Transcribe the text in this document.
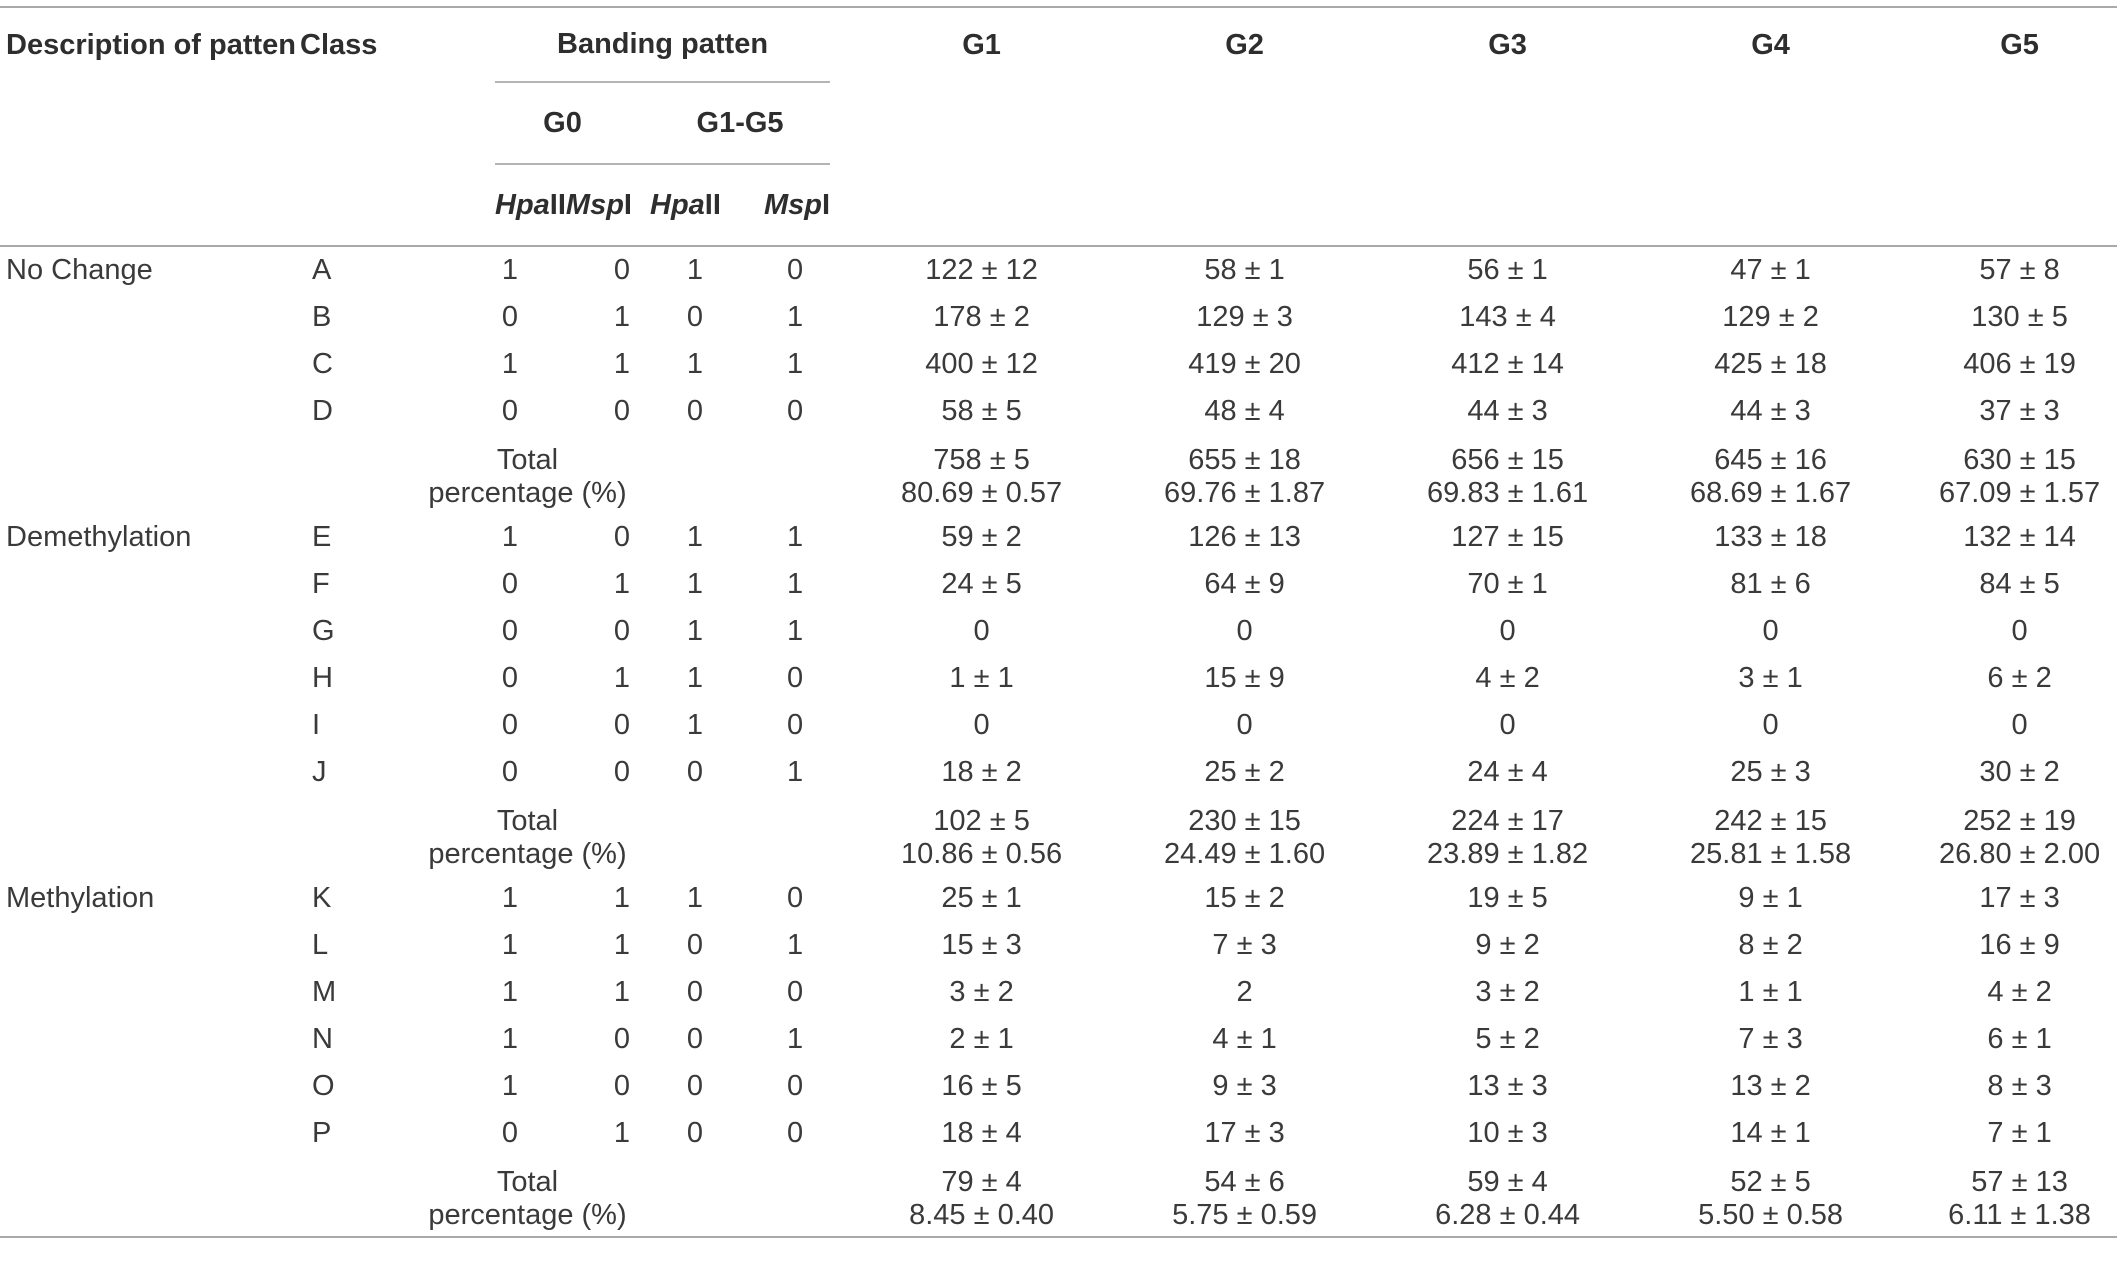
Description of patten	Class		Banding patten								G1	G2	G3	G4	G5
			G0				G1-G5								

			HpaII MspI				HpaII MspI								

No Change	A		1		0		1		0		122 ± 12	58 ± 1	56 ± 1	47 ± 1	57 ± 8
	B		0		1		0		1		178 ± 2	129 ± 3	143 ± 4	129 ± 2	130 ± 5
	C		1		1		1		1		400 ± 12	419 ± 20	412 ± 14	425 ± 18	406 ± 19
	D		0		0		0		0		58 ± 5	48 ± 4	44 ± 3	44 ± 3	37 ± 3
		Total									758 ± 5	655 ± 18	656 ± 15	645 ± 16	630 ± 15
		percentage (%)									80.69 ± 0.57	69.76 ± 1.87	69.83 ± 1.61	68.69 ± 1.67	67.09 ± 1.57
Demethylation	E		1		0		1		1		59 ± 2	126 ± 13	127 ± 15	133 ± 18	132 ± 14
	F		0		1		1		1		24 ± 5	64 ± 9	70 ± 1	81 ± 6	84 ± 5
	G		0		0		1		1		0	0	0	0	0
	H		0		1		1		0		1 ± 1	15 ± 9	4 ± 2	3 ± 1	6 ± 2
	I		0		0		1		0		0	0	0	0	0
	J		0		0		0		1		18 ± 2	25 ± 2	24 ± 4	25 ± 3	30 ± 2
		Total									102 ± 5	230 ± 15	224 ± 17	242 ± 15	252 ± 19
		percentage (%)									10.86 ± 0.56	24.49 ± 1.60	23.89 ± 1.82	25.81 ± 1.58	26.80 ± 2.00
Methylation	K		1		1		1		0		25 ± 1	15 ± 2	19 ± 5	9 ± 1	17 ± 3
	L		1		1		0		1		15 ± 3	7 ± 3	9 ± 2	8 ± 2	16 ± 9
	M		1		1		0		0		3 ± 2	2	3 ± 2	1 ± 1	4 ± 2
	N		1		0		0		1		2 ± 1	4 ± 1	5 ± 2	7 ± 3	6 ± 1
	O		1		0		0		0		16 ± 5	9 ± 3	13 ± 3	13 ± 2	8 ± 3
	P		0		1		0		0		18 ± 4	17 ± 3	10 ± 3	14 ± 1	7 ± 1
		Total									79 ± 4	54 ± 6	59 ± 4	52 ± 5	57 ± 13
		percentage (%)									8.45 ± 0.40	5.75 ± 0.59	6.28 ± 0.44	5.50 ± 0.58	6.11 ± 1.38
